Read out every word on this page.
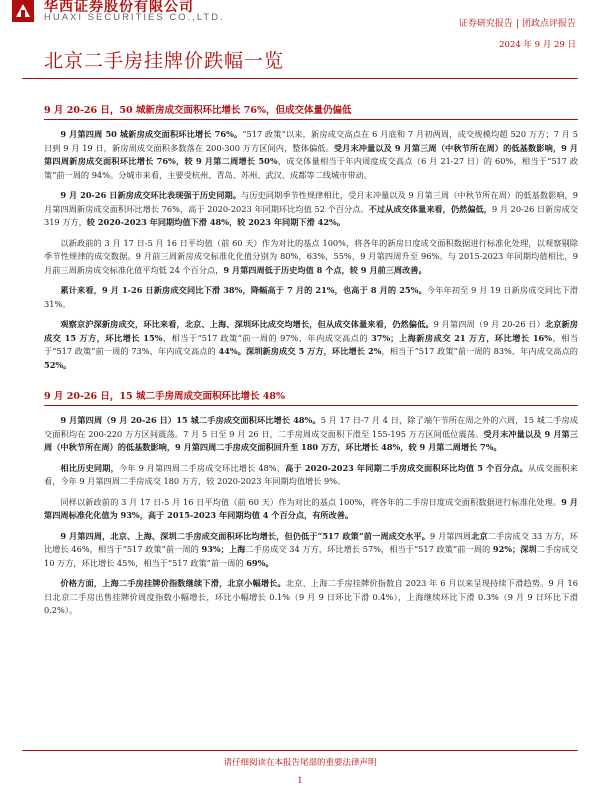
华西证券股份有限公司
HUAXI SECURITIES CO.,LTD.
证券研究报告 | 团政点评报告
2024 年 9 月 29 日
北京二手房挂牌价跌幅一览
9 月 20-26 日，50 城新房成交面积环比增长 76%，但成交体量仍偏低

9 月第四周 50 城新房成交面积环比增长 76%。“517 政策”以来，新房成交高点在 6 月底和 7 月初两周，成交规模均超 520 万方；7 月 5 日到 9 月 19 日，新房周成交面积多数落在 200-300 万方区间内，整体偏低。受月末冲量以及 9 月第三周（中秋节所在周）的低基数影响，9 月第四周新房成交面积环比增长 76%，较 9 月第二周增长 50%，成交体量相当于年内周度成交高点（6 月 21-27 日）的 60%，相当于“517 政策”前一周的 94%。分城市来看，主要受杭州、青岛、苏州、武汉、成都等二线城市带动。

9 月 20-26 日新房成交环比表现强于历史同期。与历史同期季节性规律相比，受月末冲量以及 9 月第三周（中秋节所在周）的低基数影响，9 月第四周新房成交面积环比增长 76%，高于 2020-2023 年同期环比均值 52 个百分点。不过从成交体量来看，仍然偏低，9 月 20-26 日新房成交 319 万方，较 2020-2023 年同期均值下滑 48%，较 2023 年同期下滑 42%。

以新政前的 3 月 17 日-5 月 16 日平均值（前 60 天）作为对比的基点 100%，将各年的新房日度成交面积数据进行标准化处理，以观察剔除季节性规律的成交数据。9 月前三周新房成交标准化化值分别为 80%，63%，55%，9 月第四周升至 96%。与 2015-2023 年同期均值相比，9 月前三周新房成交标准化值平均低 24 个百分点，9 月第四周低于历史均值 8 个点，较 9 月前三周改善。

累计来看，9 月 1-26 日新房成交同比下滑 38%，降幅高于 7 月的 21%，也高于 8 月的 25%。今年年初至 9 月 19 日新房成交同比下滑 31%。

观察京沪深新房成交，环比来看，北京、上海、深圳环比成交均增长，但从成交体量来看，仍然偏低。9 月第四周（9 月 20-26 日）北京新房成交 15 万方，环比增长 15%，相当于“517 政策”前一周的 97%、年内成交高点的 37%；上海新房成交 21 万方，环比增长 16%，相当于“517 政策”前一周的 73%、年内成交高点的 44%。深圳新房成交 5 万方，环比增长 2%，相当于“517 政策”前一周的 83%、年内成交高点的 52%。

9 月 20-26 日，15 城二手房周成交面积环比增长 48%

9 月第四周（9 月 20-26 日）15 城二手房成交面积环比增长 48%。5 月 17 日-7 月 4 日，除了端午节所在周之外的六周，15 城二手房成交面积均在 200-220 万方区间震荡。7 月 5 日至 9 月 26 日，二手房周成交面积下滑至 155-195 万方区间低位震荡。受月末冲量以及 9 月第三周（中秋节所在周）的低基数影响，9 月第四周二手房成交面积回升至 180 万方，环比增长 48%，较 9 月第二周增长 7%。

相比历史同期，今年 9 月第四周二手房成交环比增长 48%，高于 2020-2023 年同期二手房成交面积环比均值 5 个百分点。从成交面积来看，今年 9 月第四周二手房成交 180 万方，较 2020-2023 年同期均值增长 9%。

同样以新政前的 3 月 17 日-5 月 16 日平均值（前 60 天）作为对比的基点 100%，将各年的二手房日度成交面积数据进行标准化处理。9 月第四周标准化化值为 93%，高于 2015-2023 年同期均值 4 个百分点，有所改善。

9 月第四周，北京、上海、深圳二手房成交面积环比均增长，但仍低于“517 政策”前一周成交水平。9 月第四周北京二手房成交 33 万方，环比增长 46%，相当于“517 政策”前一周的 93%；上海二手房成交 34 万方，环比增长 57%，相当于“517 政策”前一周的 92%；深圳二手房成交 10 万方，环比增长 45%，相当于“517 政策”前一周的 69%。

价格方面，上海二手房挂牌价指数继续下滑，北京小幅增长。北京、上海二手房挂牌价指数自 2023 年 6 月以来呈现持续下滑趋势。9 月 16 日北京二手房出售挂牌价周度指数小幅增长，环比小幅增长 0.1%（9 月 9 日环比下滑 0.4%），上海继续环比下滑 0.3%（9 月 9 日环比下滑 0.2%）。

请仔细阅读在本报告尾部的重要法律声明
1
